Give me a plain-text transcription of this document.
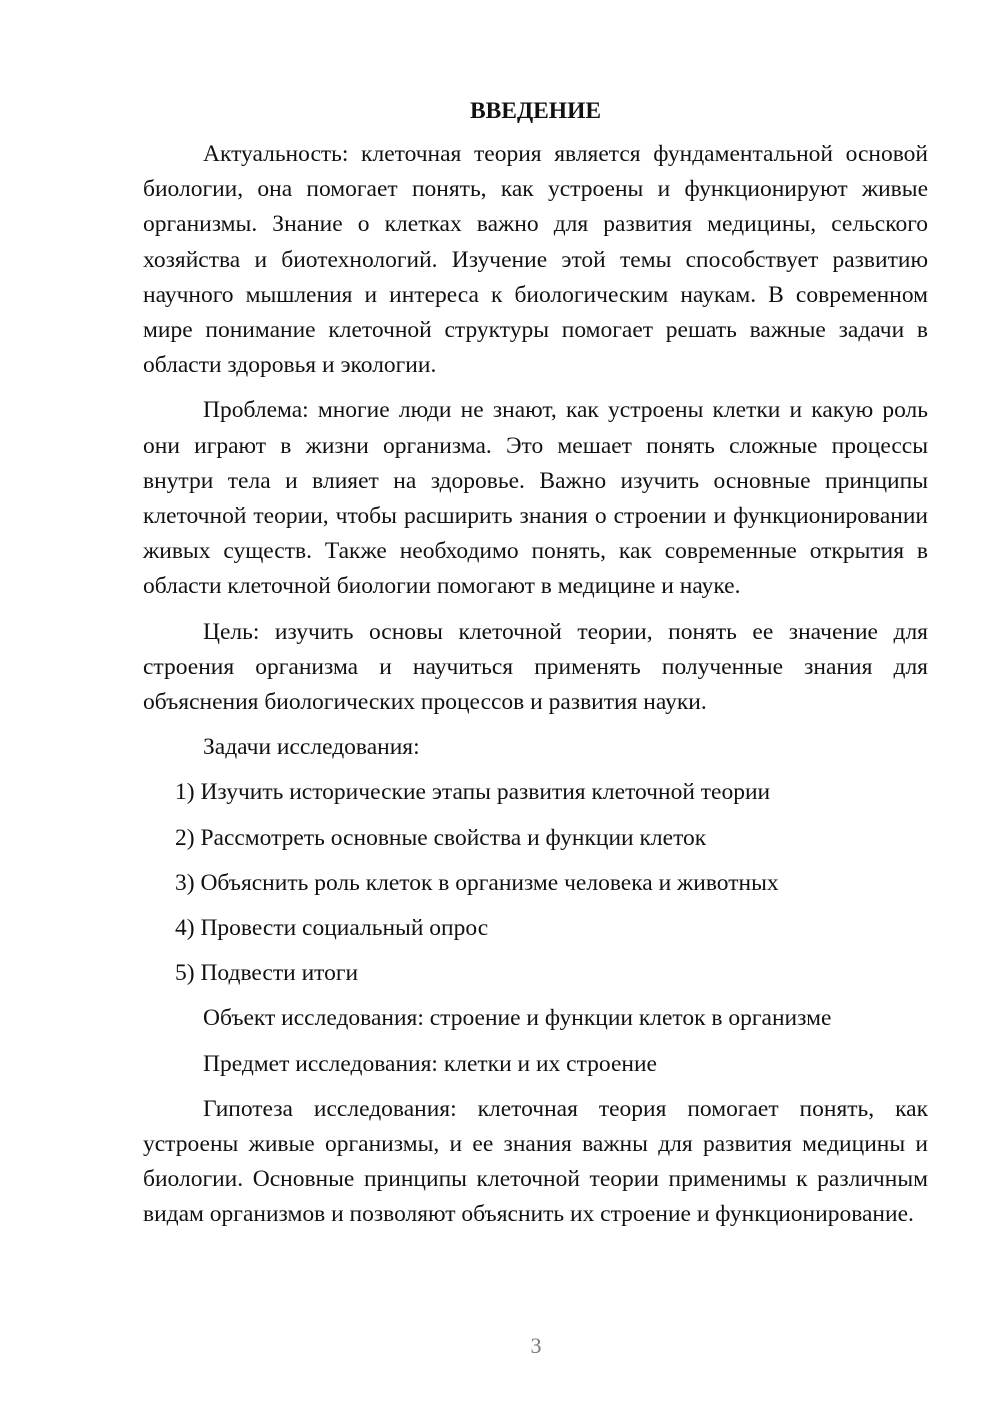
ВВЕДЕНИЕ

Актуальность: клеточная теория является фундаментальной основой биологии, она помогает понять, как устроены и функционируют живые организмы. Знание о клетках важно для развития медицины, сельского хозяйства и биотехнологий. Изучение этой темы способствует развитию научного мышления и интереса к биологическим наукам. В современном мире понимание клеточной структуры помогает решать важные задачи в области здоровья и экологии.

Проблема: многие люди не знают, как устроены клетки и какую роль они играют в жизни организма. Это мешает понять сложные процессы внутри тела и влияет на здоровье. Важно изучить основные принципы клеточной теории, чтобы расширить знания о строении и функционировании живых существ. Также необходимо понять, как современные открытия в области клеточной биологии помогают в медицине и науке.

Цель: изучить основы клеточной теории, понять ее значение для строения организма и научиться применять полученные знания для объяснения биологических процессов и развития науки.

Задачи исследования:

1) Изучить исторические этапы развития клеточной теории

2) Рассмотреть основные свойства и функции клеток

3) Объяснить роль клеток в организме человека и животных

4) Провести социальный опрос

5) Подвести итоги

Объект исследования: строение и функции клеток в организме

Предмет исследования: клетки и их строение

Гипотеза исследования: клеточная теория помогает понять, как устроены живые организмы, и ее знания важны для развития медицины и биологии. Основные принципы клеточной теории применимы к различным видам организмов и позволяют объяснить их строение и функционирование.

3
